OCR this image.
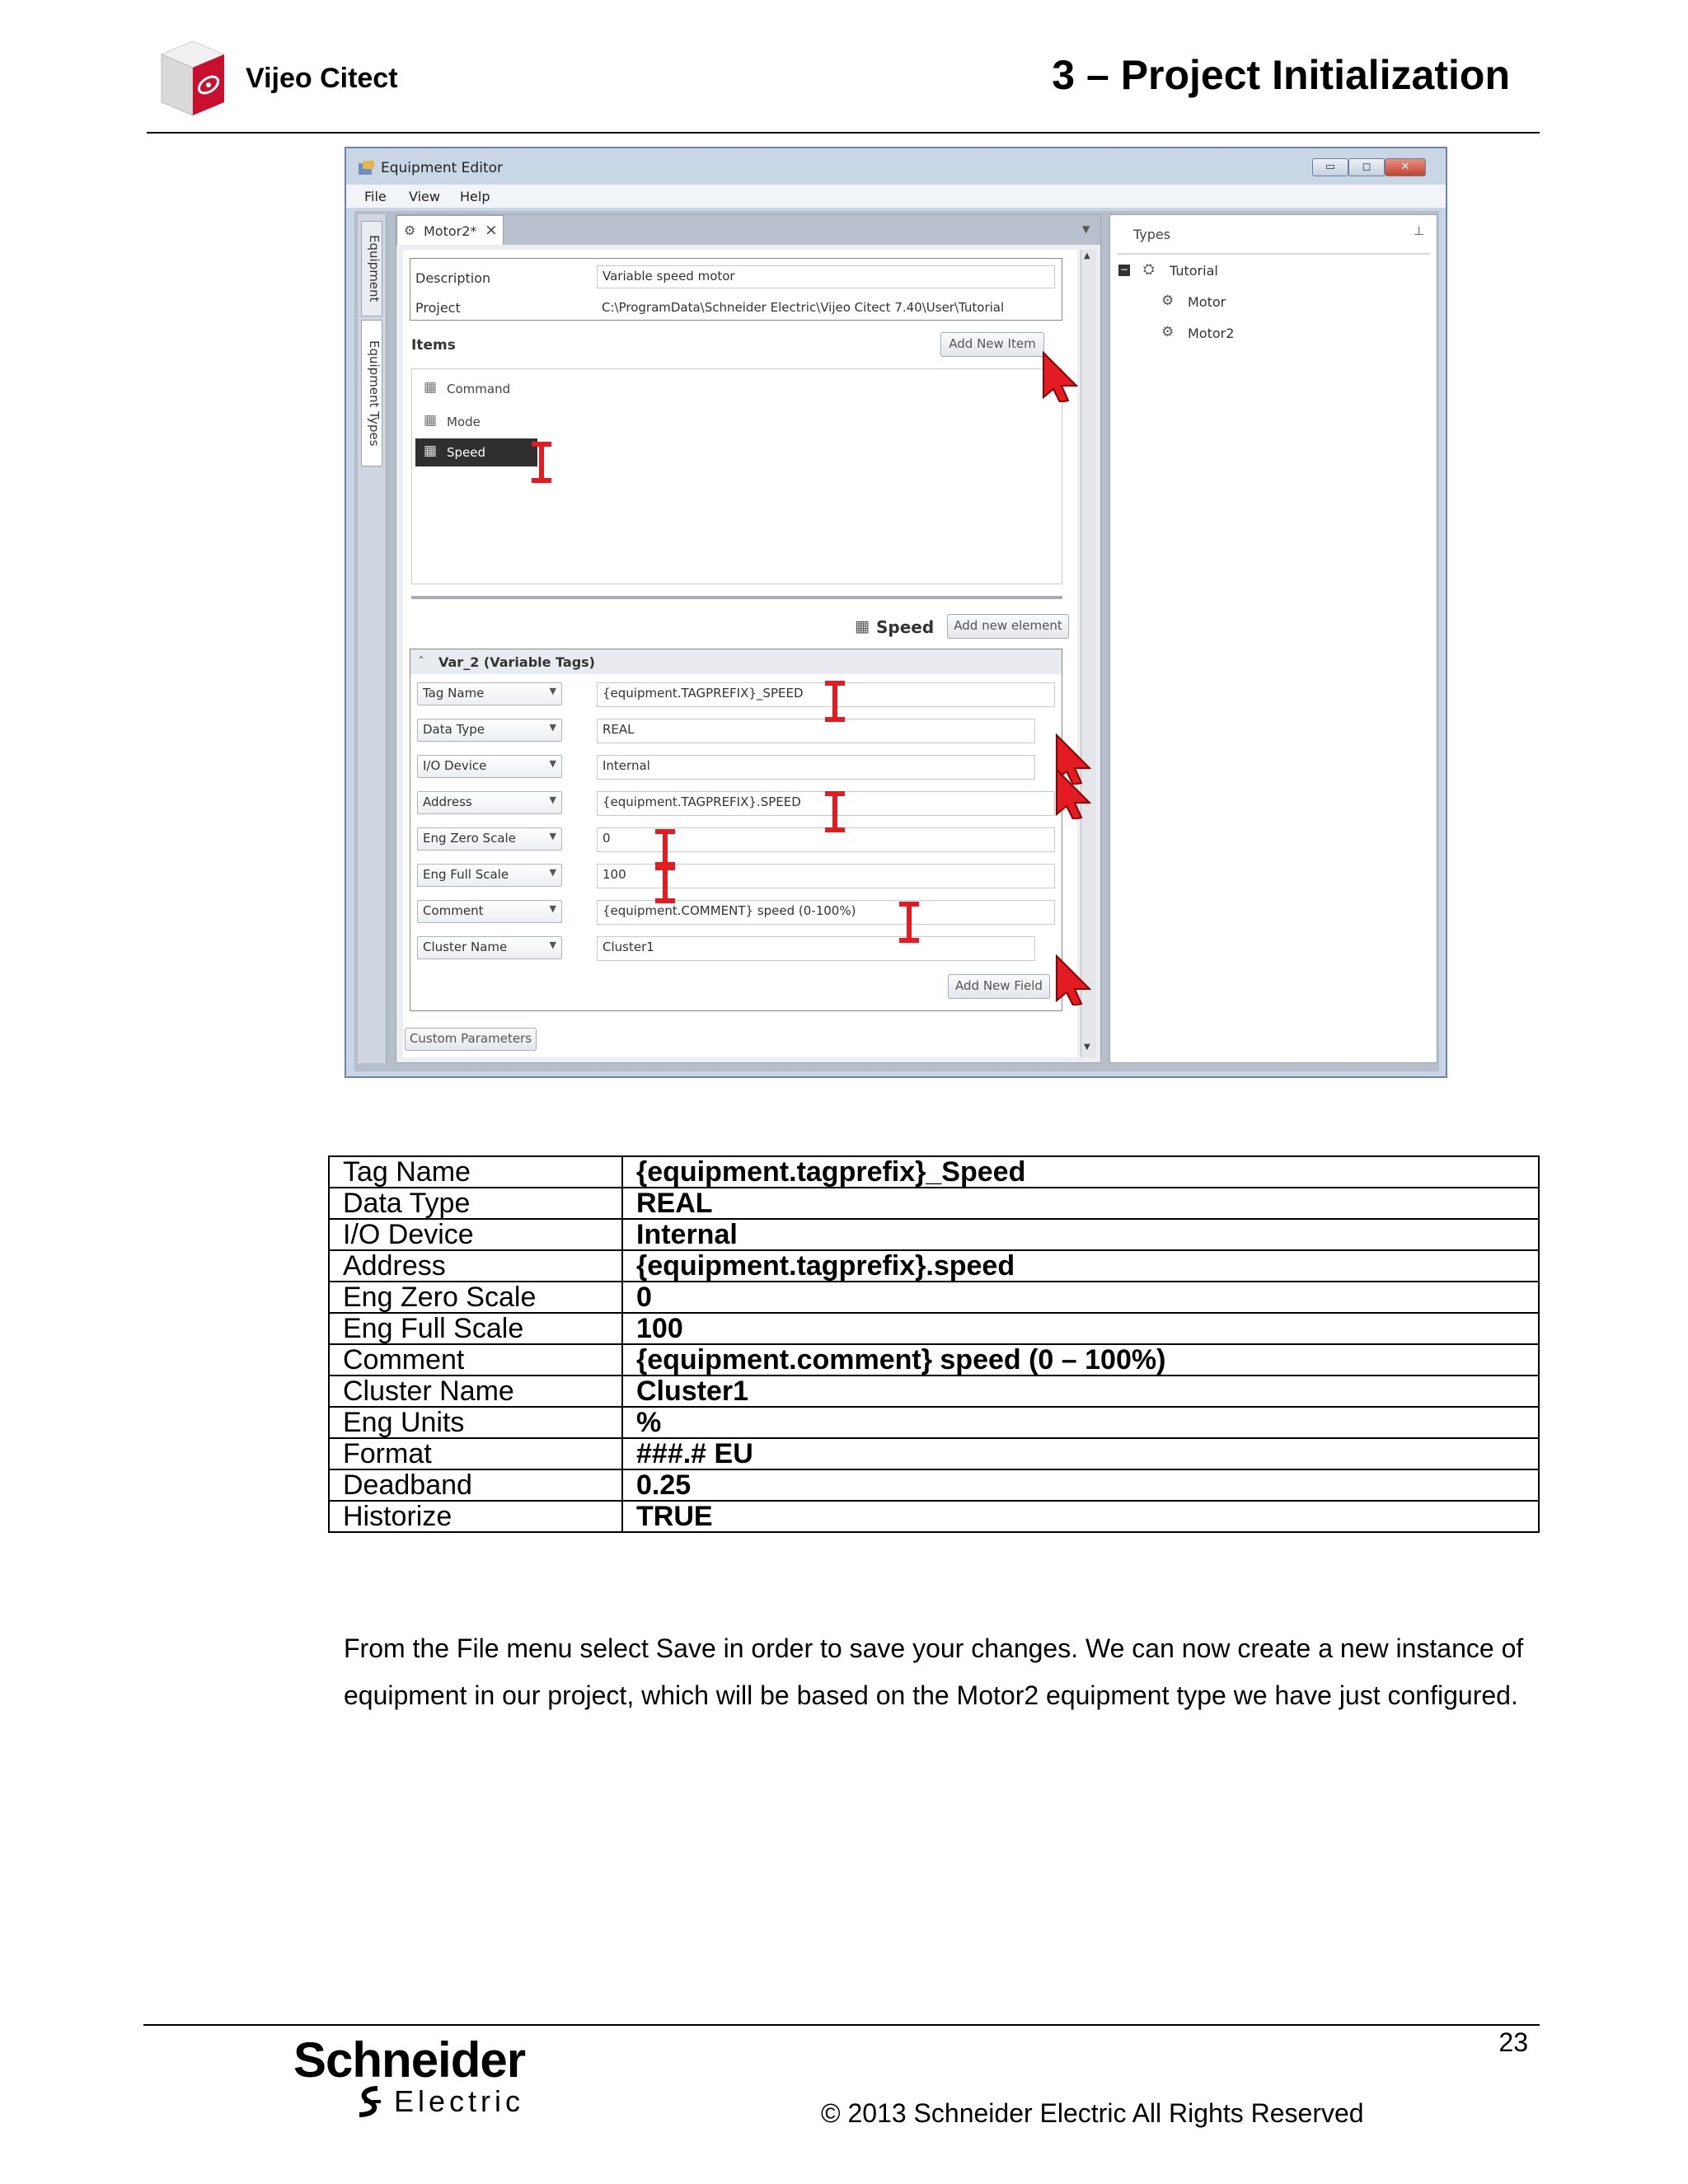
Vijeo Citect	3 – Project Initialization
Equipment Editor	▭	◻	✕
File View Help
Equipment
Equipment Types
⚙ Motor2* ×	▼
Description	Variable speed motor
Project	C:\ProgramData\Schneider Electric\Vijeo Citect 7.40\User\Tutorial
Items	Add New Item
▦ Command
▦ Mode
▦ Speed
▦ Speed	Add new element
⌃ Var_2 (Variable Tags)
Tag Name	▼	{equipment.TAGPREFIX}_SPEED
Data Type	▼	REAL
I/O Device	▼	Internal
Address	▼	{equipment.TAGPREFIX}.SPEED
Eng Zero Scale	▼	0
Eng Full Scale	▼	100
Comment	▼	{equipment.COMMENT} speed (0-100%)
Cluster Name	▼	Cluster1
Add New Field
▲
▼
Custom Parameters
Types	⊥
− ⛭ Tutorial
⚙ Motor
⚙ Motor2
Tag Name	{equipment.tagprefix}_Speed
Data Type	REAL
I/O Device	Internal
Address	{equipment.tagprefix}.speed
Eng Zero Scale	0
Eng Full Scale	100
Comment	{equipment.comment} speed (0 – 100%)
Cluster Name	Cluster1
Eng Units	%
Format	###.# EU
Deadband	0.25
Historize	TRUE
From the File menu select Save in order to save your changes. We can now create a new instance of equipment in our project, which will be based on the Motor2 equipment type we have just configured.
23
Schneider
Electric	© 2013 Schneider Electric All Rights Reserved
